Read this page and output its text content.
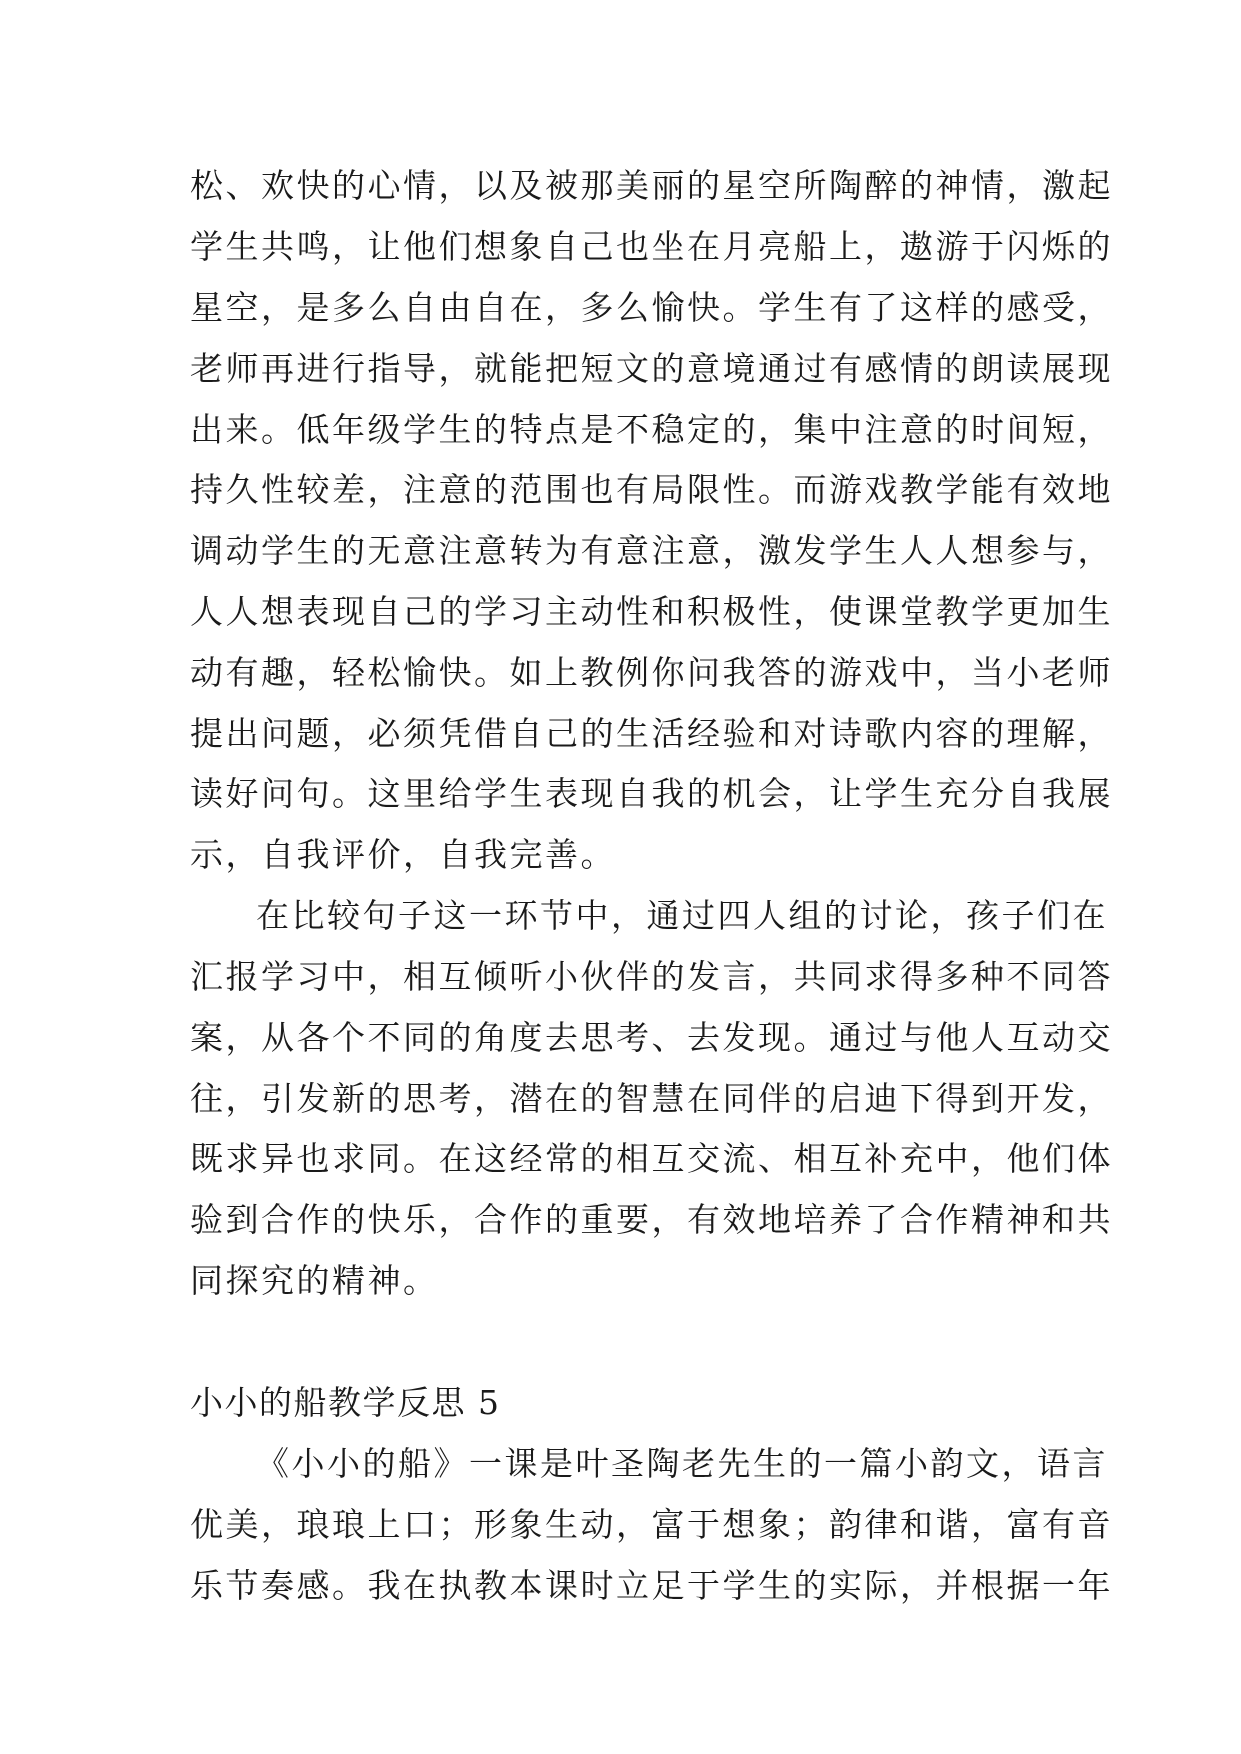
松、欢快的心情，以及被那美丽的星空所陶醉的神情，激起
学生共鸣，让他们想象自己也坐在月亮船上，遨游于闪烁的
星空，是多么自由自在，多么愉快。学生有了这样的感受，
老师再进行指导，就能把短文的意境通过有感情的朗读展现
出来。低年级学生的特点是不稳定的，集中注意的时间短，
持久性较差，注意的范围也有局限性。而游戏教学能有效地
调动学生的无意注意转为有意注意，激发学生人人想参与，
人人想表现自己的学习主动性和积极性，使课堂教学更加生
动有趣，轻松愉快。如上教例你问我答的游戏中，当小老师
提出问题，必须凭借自己的生活经验和对诗歌内容的理解，
读好问句。这里给学生表现自我的机会，让学生充分自我展
示，自我评价，自我完善。
在比较句子这一环节中，通过四人组的讨论，孩子们在
汇报学习中，相互倾听小伙伴的发言，共同求得多种不同答
案，从各个不同的角度去思考、去发现。通过与他人互动交
往，引发新的思考，潜在的智慧在同伴的启迪下得到开发，
既求异也求同。在这经常的相互交流、相互补充中，他们体
验到合作的快乐，合作的重要，有效地培养了合作精神和共
同探究的精神。
小小的船教学反思 5
《小小的船》一课是叶圣陶老先生的一篇小韵文，语言
优美，琅琅上口；形象生动，富于想象；韵律和谐，富有音
乐节奏感。我在执教本课时立足于学生的实际，并根据一年
